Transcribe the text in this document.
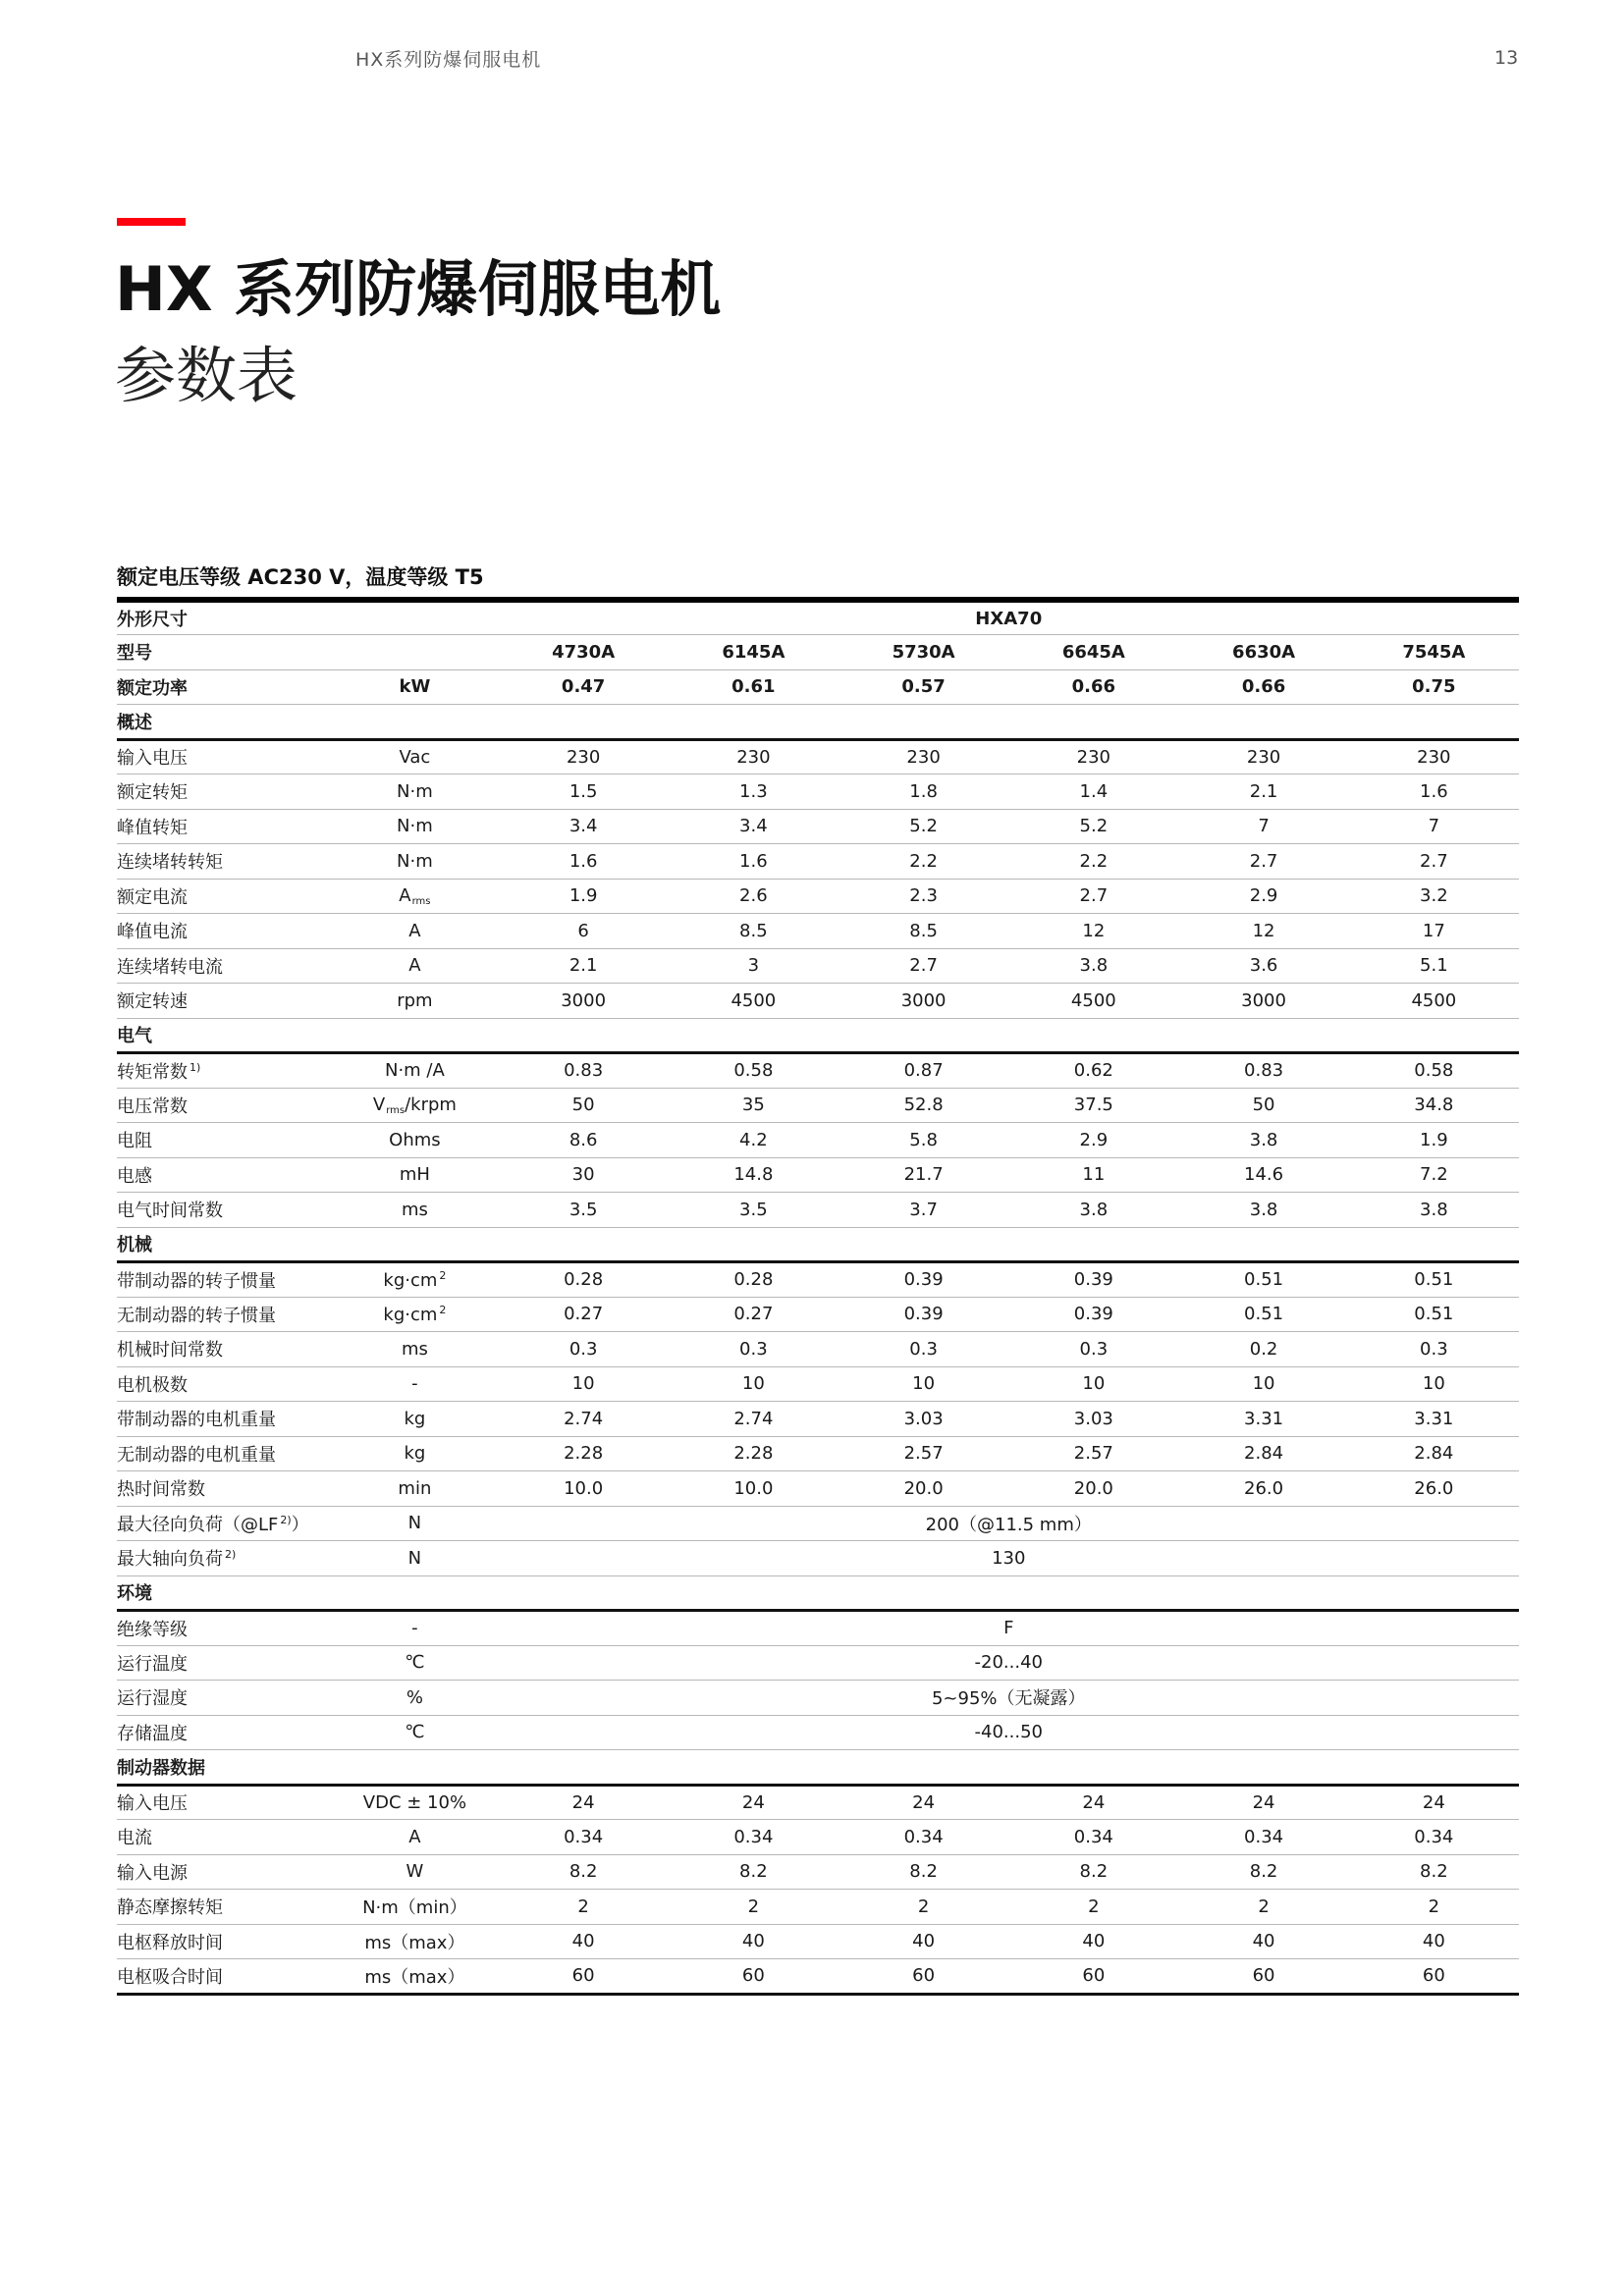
HX系列防爆伺服电机	13
HX 系列防爆伺服电机
参数表
额定电压等级 AC230 V，温度等级 T5
外形尺寸		HXA70					
型号		4730A	6145A	5730A	6645A	6630A	7545A
额定功率	kW	0.47	0.61	0.57	0.66	0.66	0.75
概述							
输入电压	Vac	230	230	230	230	230	230
额定转矩	N·m	1.5	1.3	1.8	1.4	2.1	1.6
峰值转矩	N·m	3.4	3.4	5.2	5.2	7	7
连续堵转转矩	N·m	1.6	1.6	2.2	2.2	2.7	2.7
额定电流	Arms	1.9	2.6	2.3	2.7	2.9	3.2
峰值电流	A	6	8.5	8.5	12	12	17
连续堵转电流	A	2.1	3	2.7	3.8	3.6	5.1
额定转速	rpm	3000	4500	3000	4500	3000	4500
电气							
转矩常数 $^{1)}$	N·m /A	0.83	0.58	0.87	0.62	0.83	0.58
电压常数	Vrms/krpm	50	35	52.8	37.5	50	34.8
电阻	Ohms	8.6	4.2	5.8	2.9	3.8	1.9
电感	mH	30	14.8	21.7	11	14.6	7.2
电气时间常数	ms	3.5	3.5	3.7	3.8	3.8	3.8
机械							
带制动器的转子惯量	kg·cm $^2$	0.28	0.28	0.39	0.39	0.51	0.51
无制动器的转子惯量	kg·cm $^2$	0.27	0.27	0.39	0.39	0.51	0.51
机械时间常数	ms	0.3	0.3	0.3	0.3	0.2	0.3
电机极数	-	10	10	10	10	10	10
带制动器的电机重量	kg	2.74	2.74	3.03	3.03	3.31	3.31
无制动器的电机重量	kg	2.28	2.28	2.57	2.57	2.84	2.84
热时间常数	min	10.0	10.0	20.0	20.0	26.0	26.0
最大径向负荷（@LF $^{2)}$）	N	200（@11.5 mm）					
最大轴向负荷 $^{2)}$	N	130					
环境							
绝缘等级	-	F					
运行温度	℃	-20...40					
运行湿度	%	5~95%（无凝露）					
存储温度	℃	-40...50					
制动器数据							
输入电压	VDC ± 10%	24	24	24	24	24	24
电流	A	0.34	0.34	0.34	0.34	0.34	0.34
输入电源	W	8.2	8.2	8.2	8.2	8.2	8.2
静态摩擦转矩	N·m（min）	2	2	2	2	2	2
电枢释放时间	ms（max）	40	40	40	40	40	40
电枢吸合时间	ms（max）	60	60	60	60	60	60
